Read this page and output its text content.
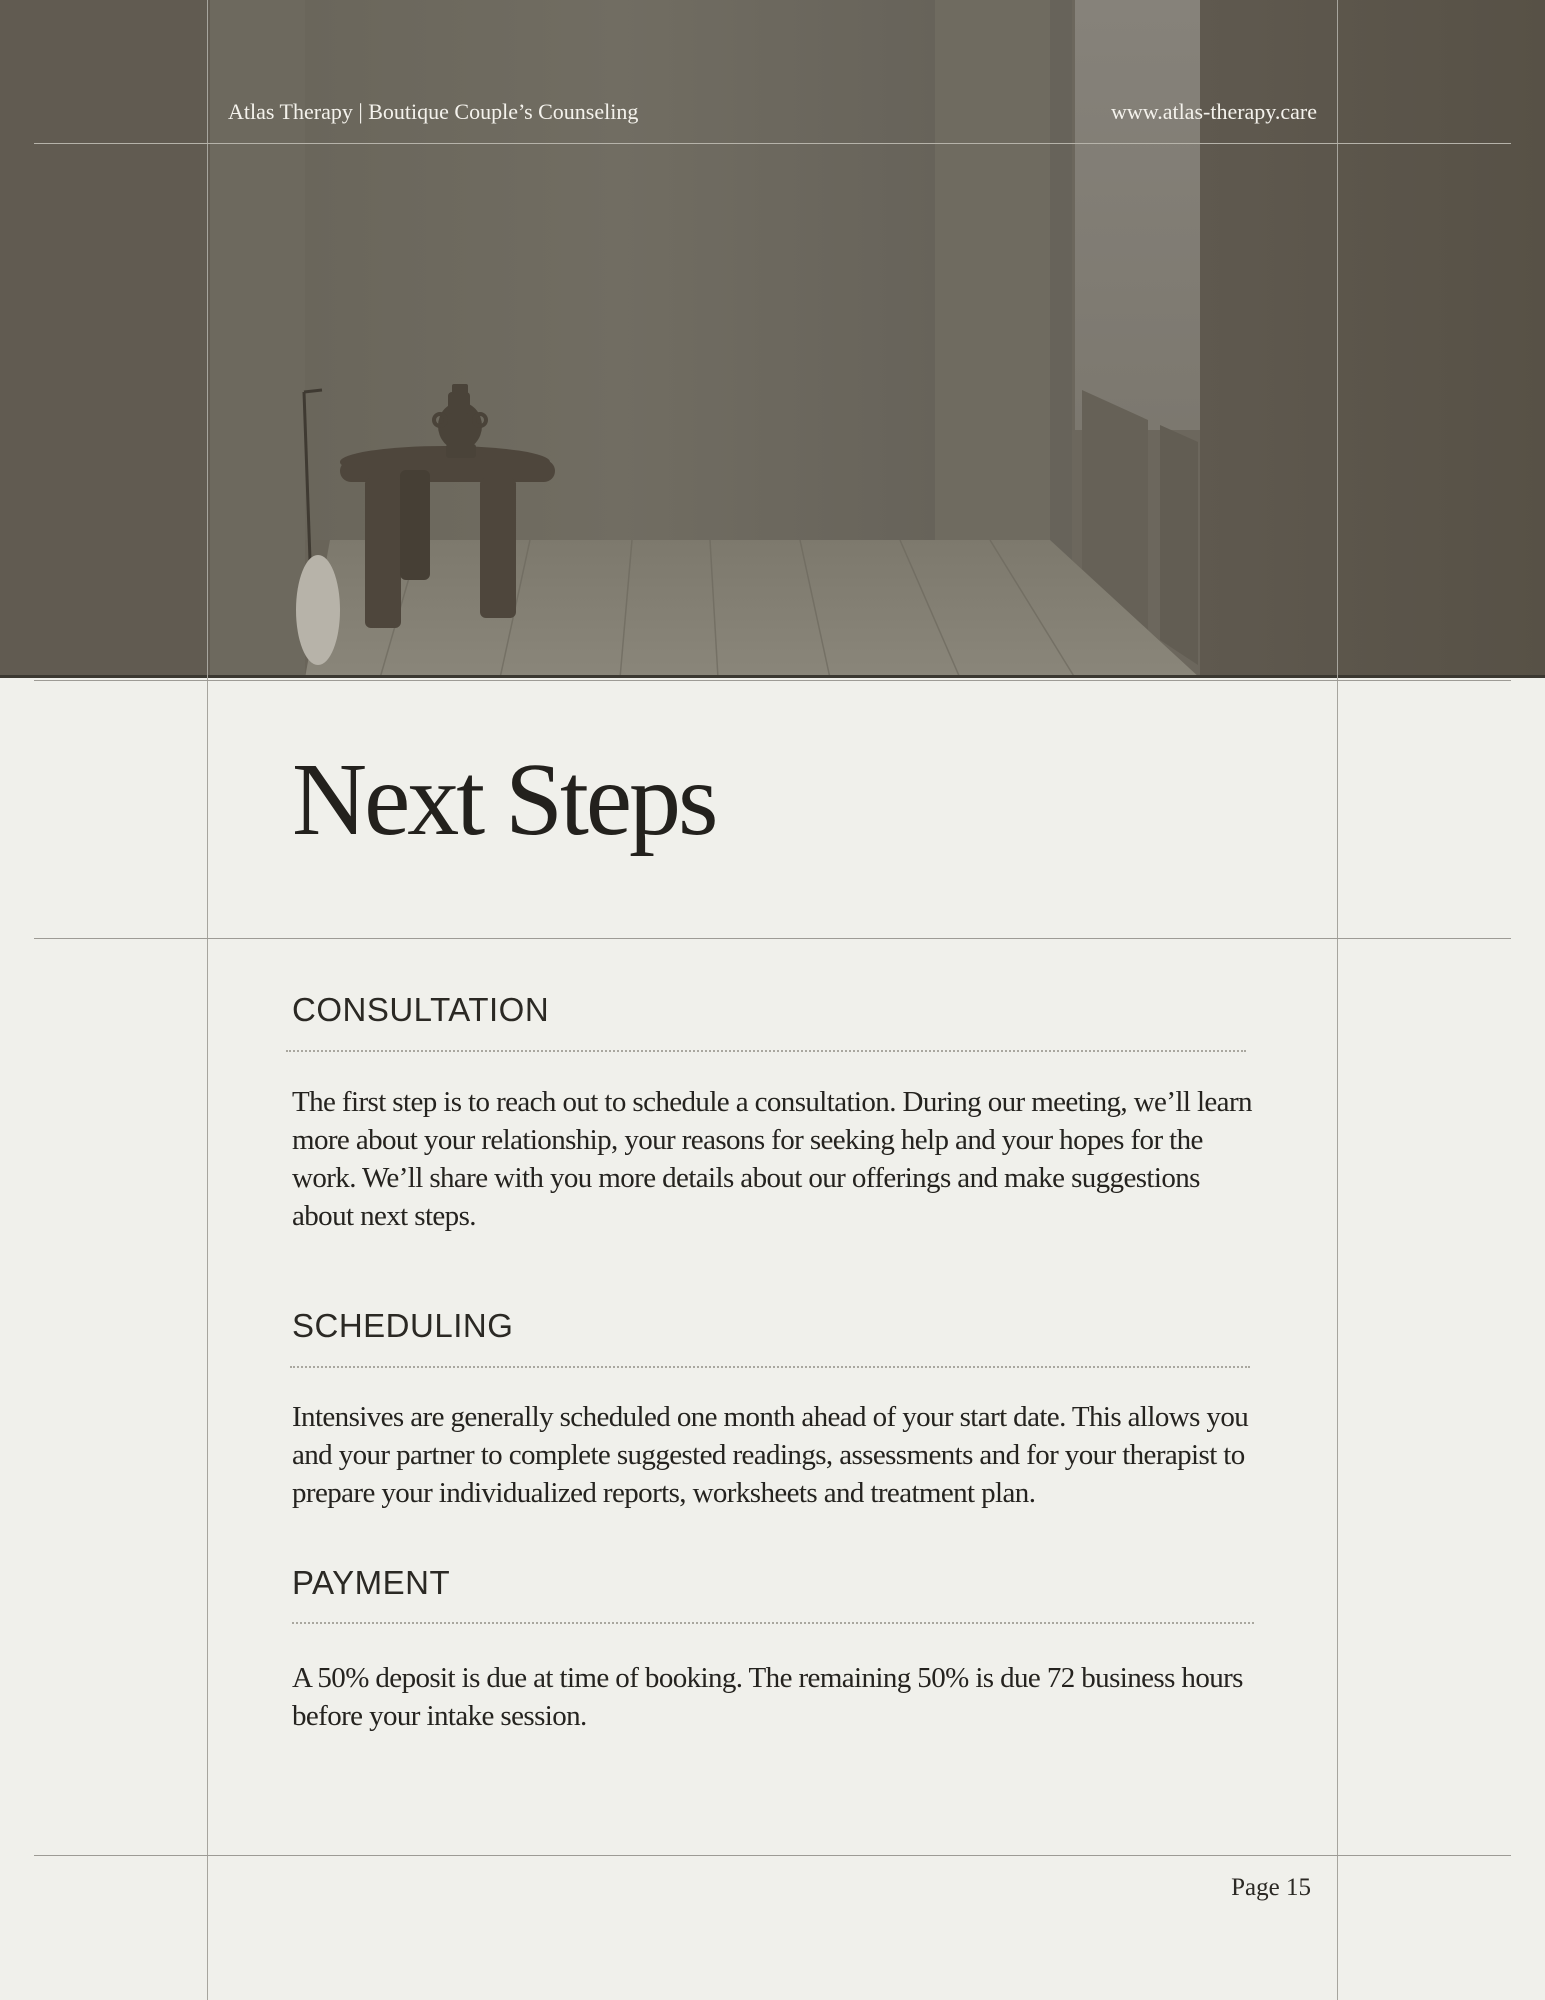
Atlas Therapy | Boutique Couple’s Counseling	www.atlas-therapy.care
Next Steps
CONSULTATION

The first step is to reach out to schedule a consultation. During our meeting, we’ll learn more about your relationship, your reasons for seeking help and your hopes for the work. We’ll share with you more details about our offerings and make suggestions about next steps.

SCHEDULING

Intensives are generally scheduled one month ahead of your start date. This allows you and your partner to complete suggested readings, assessments and for your therapist to prepare your individualized reports, worksheets and treatment plan.

PAYMENT

A 50% deposit is due at time of booking. The remaining 50% is due 72 business hours before your intake session.

Page 15
